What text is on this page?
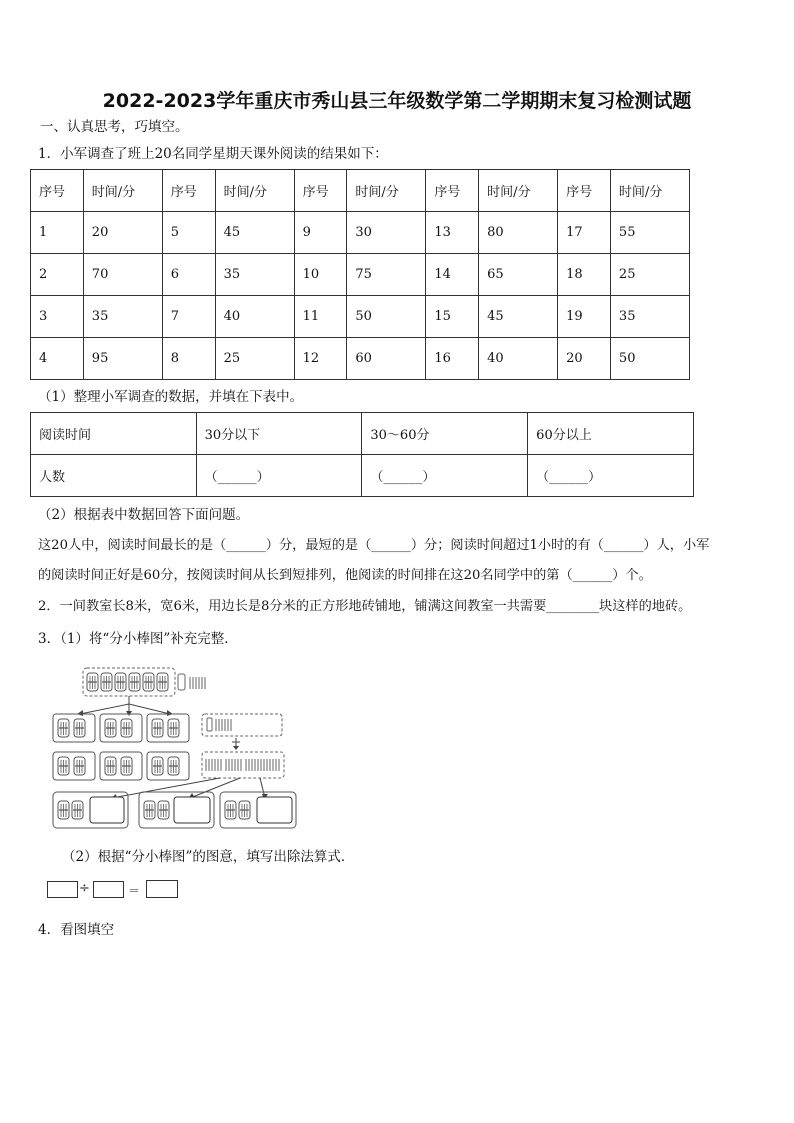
2022-2023学年重庆市秀山县三年级数学第二学期期末复习检测试题
一、认真思考，巧填空。
1．小军调查了班上20名同学星期天课外阅读的结果如下：
序号	时间/分	序号	时间/分	序号	时间/分	序号	时间/分	序号	时间/分
1	20	5	45	9	30	13	80	17	55
2	70	6	35	10	75	14	65	18	25
3	35	7	40	11	50	15	45	19	35
4	95	8	25	12	60	16	40	20	50
（1）整理小军调查的数据，并填在下表中。
阅读时间	30分以下	30～60分	60分以上
人数	（______）	（______）	（______）
（2）根据表中数据回答下面问题。
这20人中，阅读时间最长的是（______）分，最短的是（______）分；阅读时间超过1小时的有（______）人，小军
的阅读时间正好是60分，按阅读时间从长到短排列，他阅读的时间排在这20名同学中的第（______）个。
2．一间教室长8米，宽6米，用边长是8分米的正方形地砖铺地，铺满这间教室一共需要________块这样的地砖。
3．（1）将“分小棒图”补充完整．
（2）根据“分小棒图”的图意，填写出除法算式．
÷	＝
4．看图填空
